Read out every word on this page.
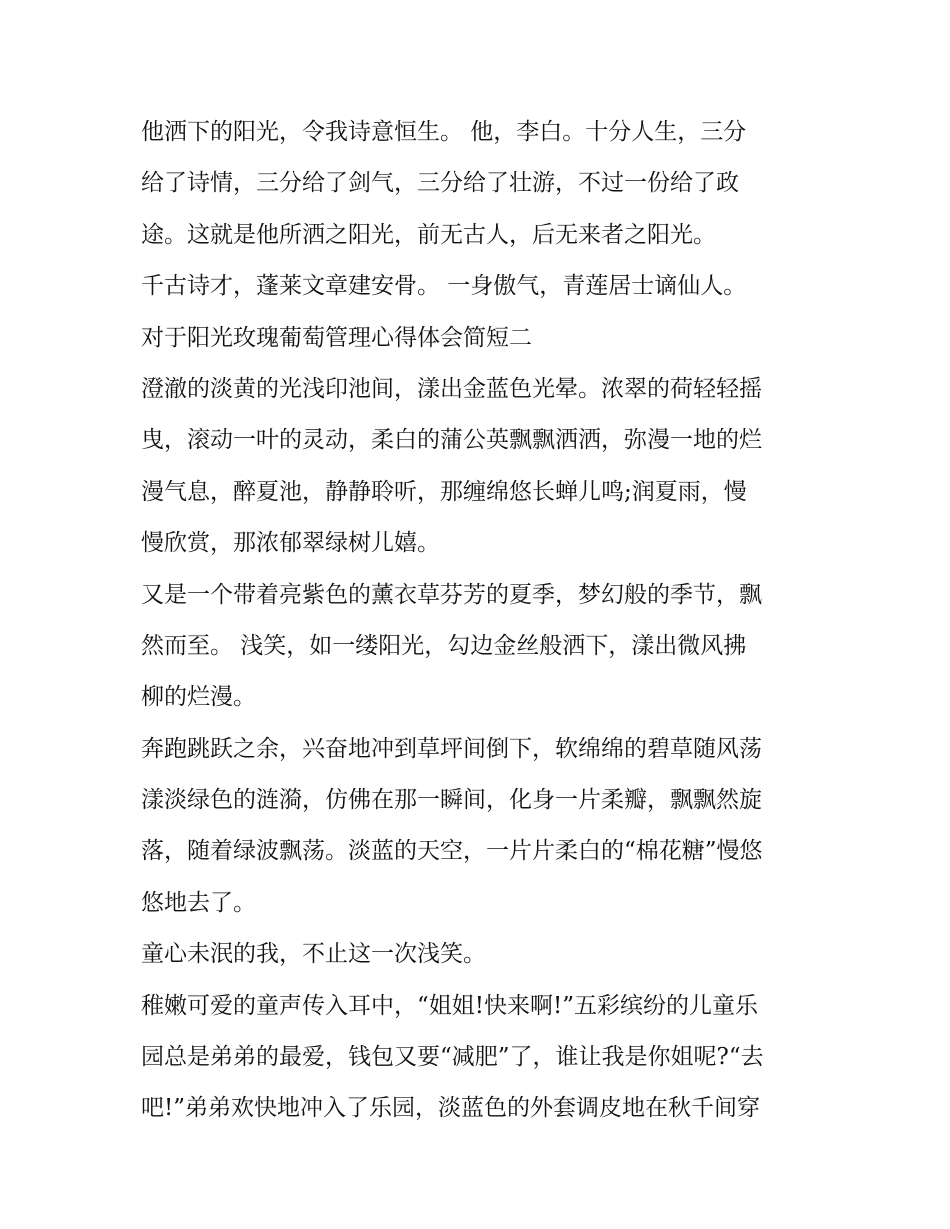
他洒下的阳光，令我诗意恒生。 他，李白。十分人生，三分
给了诗情，三分给了剑气，三分给了壮游，不过一份给了政
途。这就是他所洒之阳光，前无古人，后无来者之阳光。
千古诗才，蓬莱文章建安骨。 一身傲气，青莲居士谪仙人。
对于阳光玫瑰葡萄管理心得体会简短二
澄澈的淡黄的光浅印池间，漾出金蓝色光晕。浓翠的荷轻轻摇
曳，滚动一叶的灵动，柔白的蒲公英飘飘洒洒，弥漫一地的烂
漫气息，醉夏池，静静聆听，那缠绵悠长蝉儿鸣;润夏雨，慢
慢欣赏，那浓郁翠绿树儿嬉。
又是一个带着亮紫色的薰衣草芬芳的夏季，梦幻般的季节，飘
然而至。 浅笑，如一缕阳光，勾边金丝般洒下，漾出微风拂
柳的烂漫。
奔跑跳跃之余，兴奋地冲到草坪间倒下，软绵绵的碧草随风荡
漾淡绿色的涟漪，仿佛在那一瞬间，化身一片柔瓣，飘飘然旋
落，随着绿波飘荡。淡蓝的天空，一片片柔白的“棉花糖”慢悠
悠地去了。
童心未泯的我，不止这一次浅笑。
稚嫩可爱的童声传入耳中，“姐姐!快来啊!”五彩缤纷的儿童乐
园总是弟弟的最爱，钱包又要“减肥”了，谁让我是你姐呢?“去
吧!”弟弟欢快地冲入了乐园，淡蓝色的外套调皮地在秋千间穿
